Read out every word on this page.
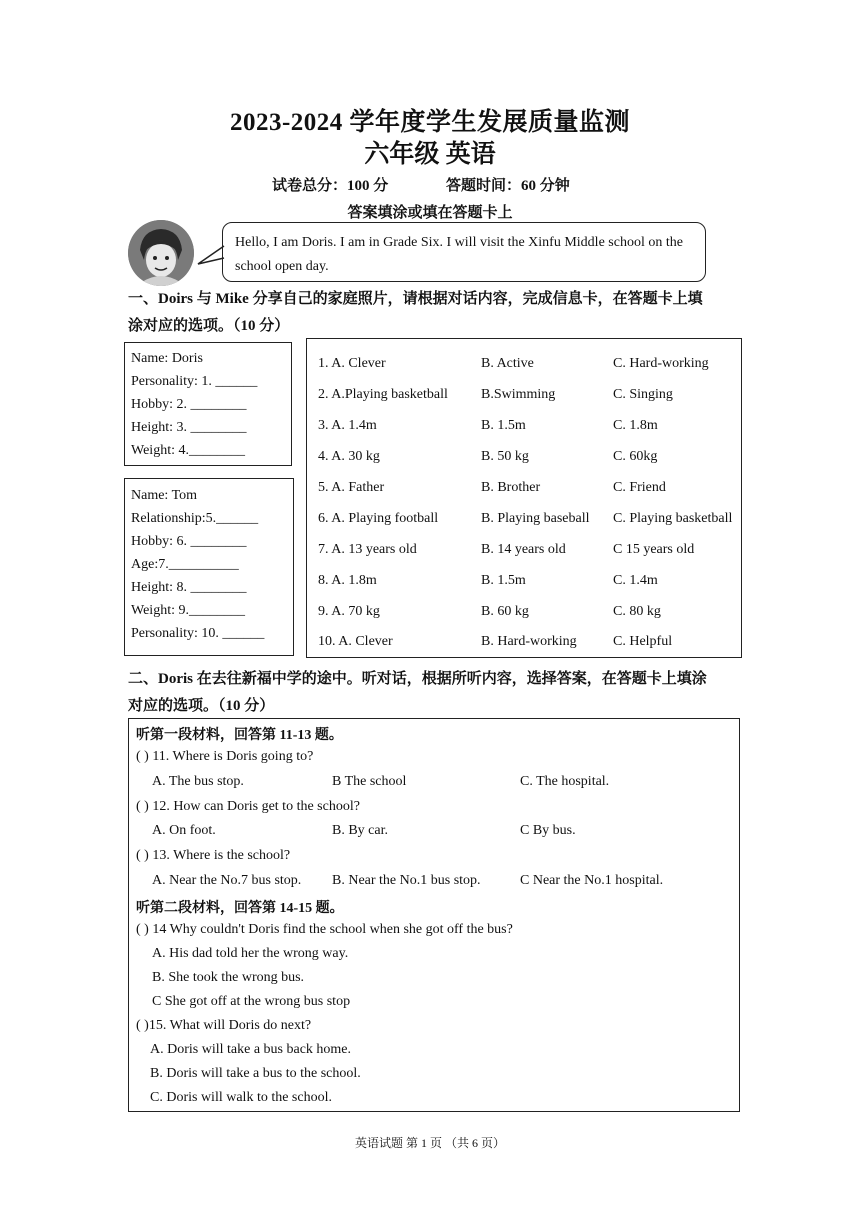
2023-2024 学年度学生发展质量监测
六年级 英语
试卷总分：100 分	答题时间：60 分钟
答案填涂或填在答题卡上
Hello, I am Doris. I am in Grade Six. I will visit the Xinfu Middle school on the school open day.
一、Doirs 与 Mike 分享自己的家庭照片，请根据对话内容，完成信息卡，在答题卡上填
涂对应的选项。（10 分）
Name: Doris
Personality: 1. ______
Hobby: 2. ________
Height: 3. ________
Weight: 4.________
Name: Tom
Relationship:5.______
Hobby: 6. ________
Age:7.__________
Height: 8. ________
Weight: 9.________
Personality: 10. ______
1. A. Clever	B. Active	C. Hard-working
2. A.Playing basketball B.Swimming	C. Singing
3. A. 1.4m	B. 1.5m	C. 1.8m
4. A. 30 kg	B. 50 kg	C. 60kg
5. A. Father	B. Brother	C. Friend
6. A. Playing football	B. Playing baseball C. Playing basketball
7. A. 13 years old	B. 14 years old	C 15 years old
8. A. 1.8m	B. 1.5m	C. 1.4m
9. A. 70 kg	B. 60 kg	C. 80 kg
10. A. Clever	B. Hard-working	C. Helpful
二、Doris 在去往新福中学的途中。听对话，根据所听内容，选择答案，在答题卡上填涂
对应的选项。（10 分）
听第一段材料，回答第 11-13 题。
( ) 11. Where is Doris going to?
A. The bus stop.	B The school	C. The hospital.
( ) 12. How can Doris get to the school?
A. On foot.	B. By car.	C By bus.
( ) 13. Where is the school?
A. Near the No.7 bus stop. B. Near the No.1 bus stop.	C Near the No.1 hospital.
听第二段材料，回答第 14-15 题。
( ) 14 Why couldn't Doris find the school when she got off the bus?
A. His dad told her the wrong way.
B. She took the wrong bus.
C She got off at the wrong bus stop
( )15. What will Doris do next?
A. Doris will take a bus back home.
B. Doris will take a bus to the school.
C. Doris will walk to the school.
英语试题 第 1 页 （共 6 页）
